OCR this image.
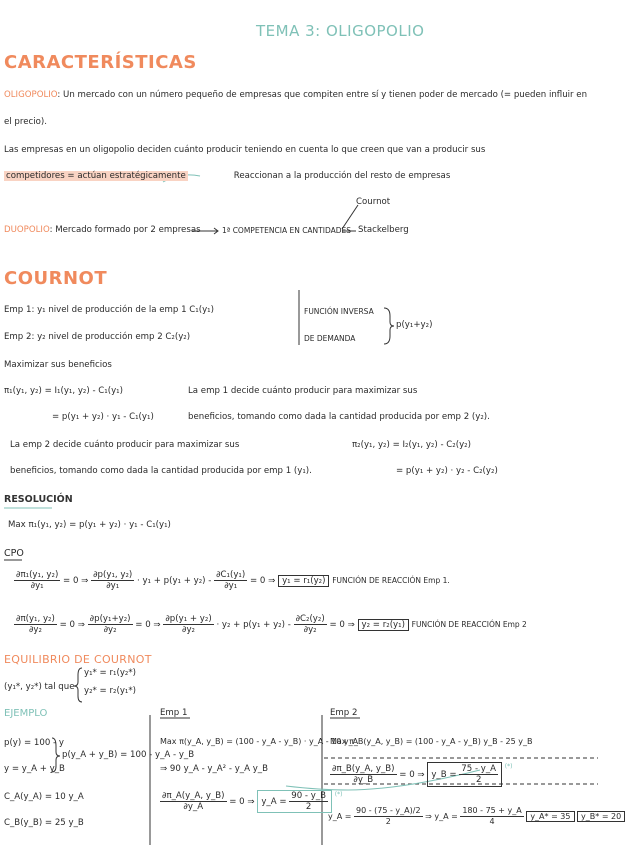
TEMA 3: OLIGOPOLIO
CARACTERÍSTICAS
OLIGOPOLIO: Un mercado con un número pequeño de empresas que compiten entre sí y tienen poder de mercado (= pueden influir en
el precio).
Las empresas en un oligopolio deciden cuánto producir teniendo en cuenta lo que creen que van a producir sus
competidores = actúan estratégicamente	Reaccionan a la producción del resto de empresas
Cournot
DUOPOLIO: Mercado formado por 2 empresas	1ª COMPETENCIA EN CANTIDADES Stackelberg
COURNOT
Emp 1: y₁ nivel de producción de la emp 1 C₁(y₁)
Emp 2: y₂ nivel de producción emp 2 C₂(y₂)
FUNCIÓN INVERSA
DE DEMANDA
p(y₁+y₂)
Maximizar sus beneficios
π₁(y₁, y₂) = I₁(y₁, y₂) - C₁(y₁)
= p(y₁ + y₂) · y₁ - C₁(y₁)
La emp 1 decide cuánto producir para maximizar sus
beneficios, tomando como dada la cantidad producida por emp 2 (y₂).
La emp 2 decide cuánto producir para maximizar sus
beneficios, tomando como dada la cantidad producida por emp 1 (y₁).
π₂(y₁, y₂) = I₂(y₁, y₂) - C₂(y₂)
= p(y₁ + y₂) · y₂ - C₂(y₂)
RESOLUCIÓN
Max π₁(y₁, y₂) = p(y₁ + y₂) · y₁ - C₁(y₁)
CPO
$\frac{\text{∂π₁(y₁, y₂)}}{\text{∂y₁}} = 0$ ⇒ $\frac{\text{∂p(y₁, y₂)}}{\text{∂y₁}} \cdot y_1 + p(y_1 + y_2) - \frac{\text{∂C₁(y₁)}}{\text{∂y₁}} = 0$ ⇒ y₁ = r₁(y₂) FUNCIÓN DE REACCIÓN Emp 1.
$\frac{\text{∂π(y₁, y₂)}}{\text{∂y₂}} = 0$ ⇒ $\frac{\text{∂p(y₁+y₂)}}{\text{∂y₂}} = 0$ ⇒ $\frac{\text{∂p(y₁ + y₂)}}{\text{∂y₂}} \cdot y_2 + p(y_1 + y_2) - \frac{\text{∂C₂(y₂)}}{\text{∂y₂}} = 0$ ⇒ y₂ = r₂(y₁) FUNCIÓN DE REACCIÓN Emp 2
EQUILIBRIO DE COURNOT
(y₁*, y₂*) tal que
y₁* = r₁(y₂*)
y₂* = r₂(y₁*)
EJEMPLO
p(y) = 100 - y
p(y_A + y_B) = 100 - y_A - y_B
y = y_A + y_B
C_A(y_A) = 10 y_A
C_B(y_B) = 25 y_B
Emp 1
Max π(y_A, y_B) = (100 - y_A - y_B) · y_A - 10 y_A
⇒ 90 y_A - y_A² - y_A y_B
$\frac{\partial\pi\_A(y\_A, y\_B)}{\partial y\_A} = 0$ ⇒ y_A = $\frac{90 - y\_B}{2} ^{(*)}$
Emp 2
Max π_B(y_A, y_B) = (100 - y_A - y_B) y_B - 25 y_B
$\frac{\partial\pi\_B(y\_A, y\_B)}{\partial y\_B} = 0$ ⇒ y_B = $\frac{75 - y\_A}{2} ^{(*)}$
y_A = $\frac{90 - (75 - y\_A)/2}{2}$ ⇒ y_A = $\frac{180 - 75 + y\_A}{4}$ y_A* = 35 y_B* = 20
